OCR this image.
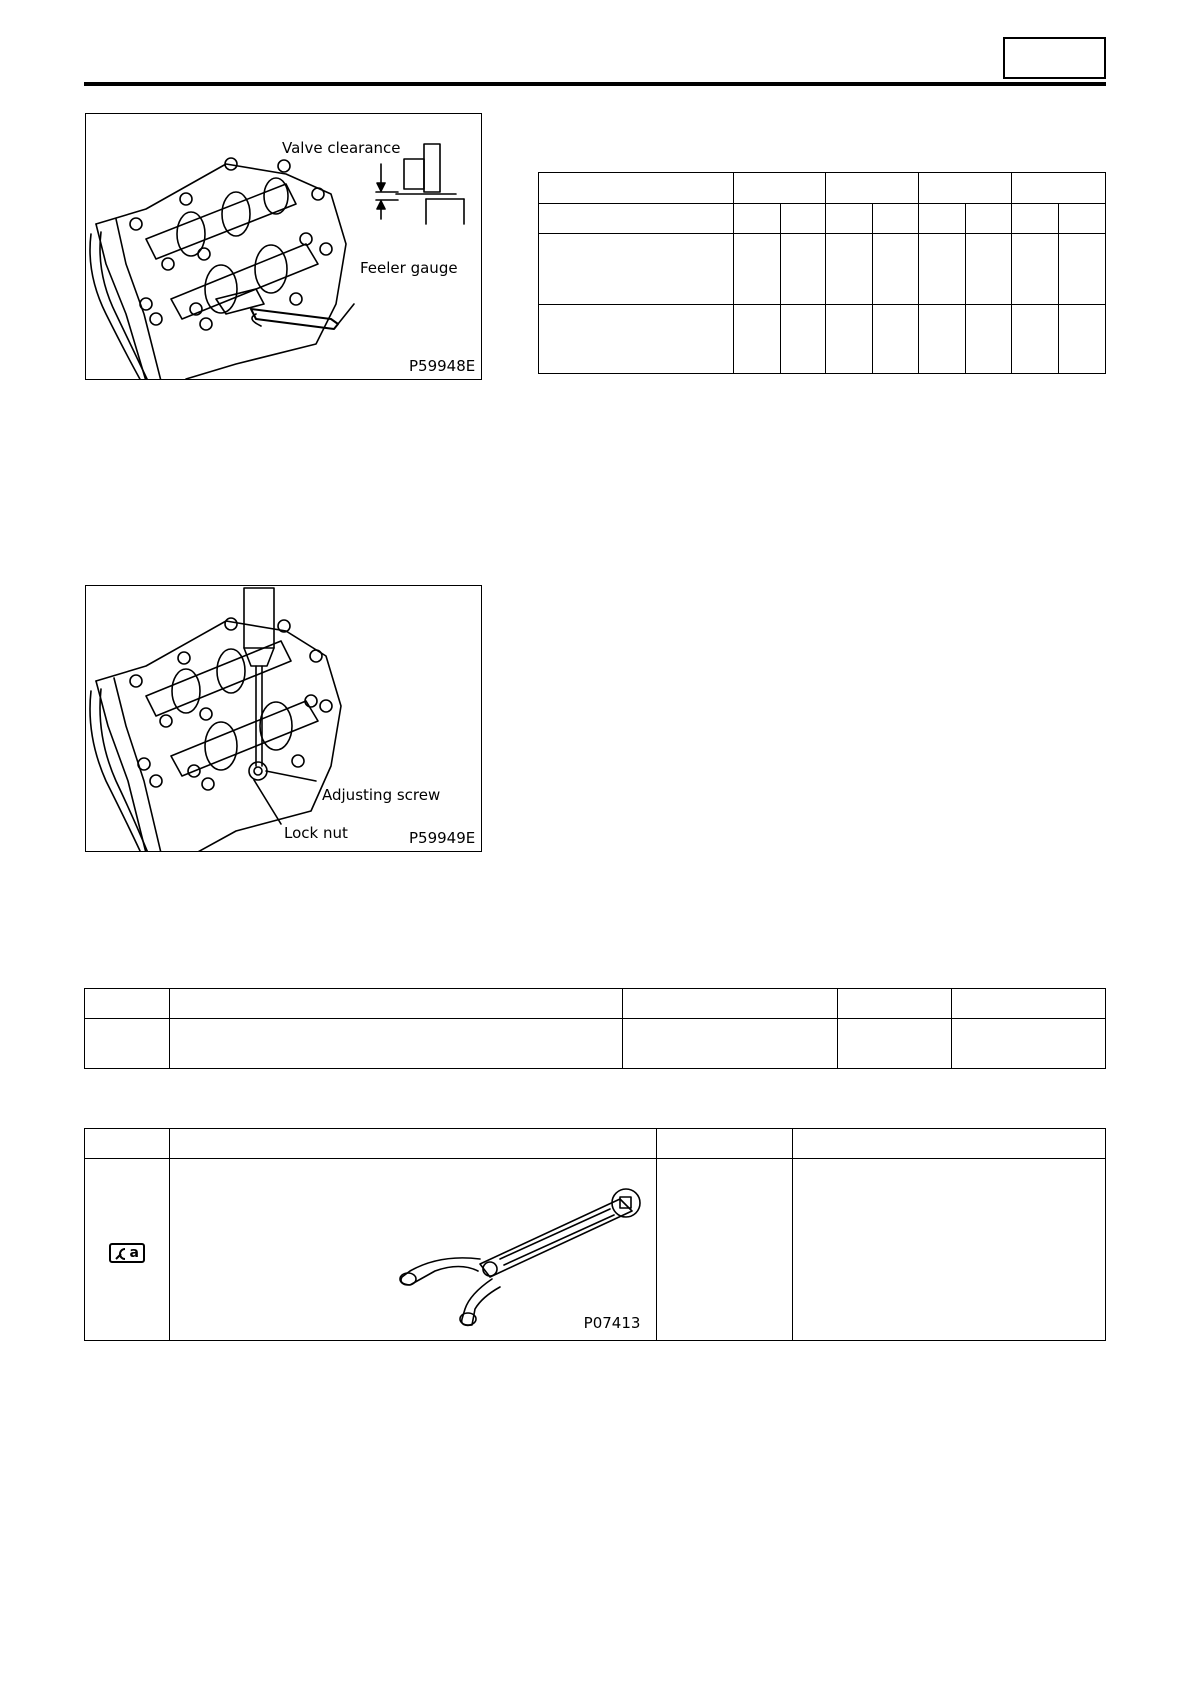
Valve clearance
Feeler gauge
P59948E

Adjusting screw
Lock nut	P59949E

a	P07413		
